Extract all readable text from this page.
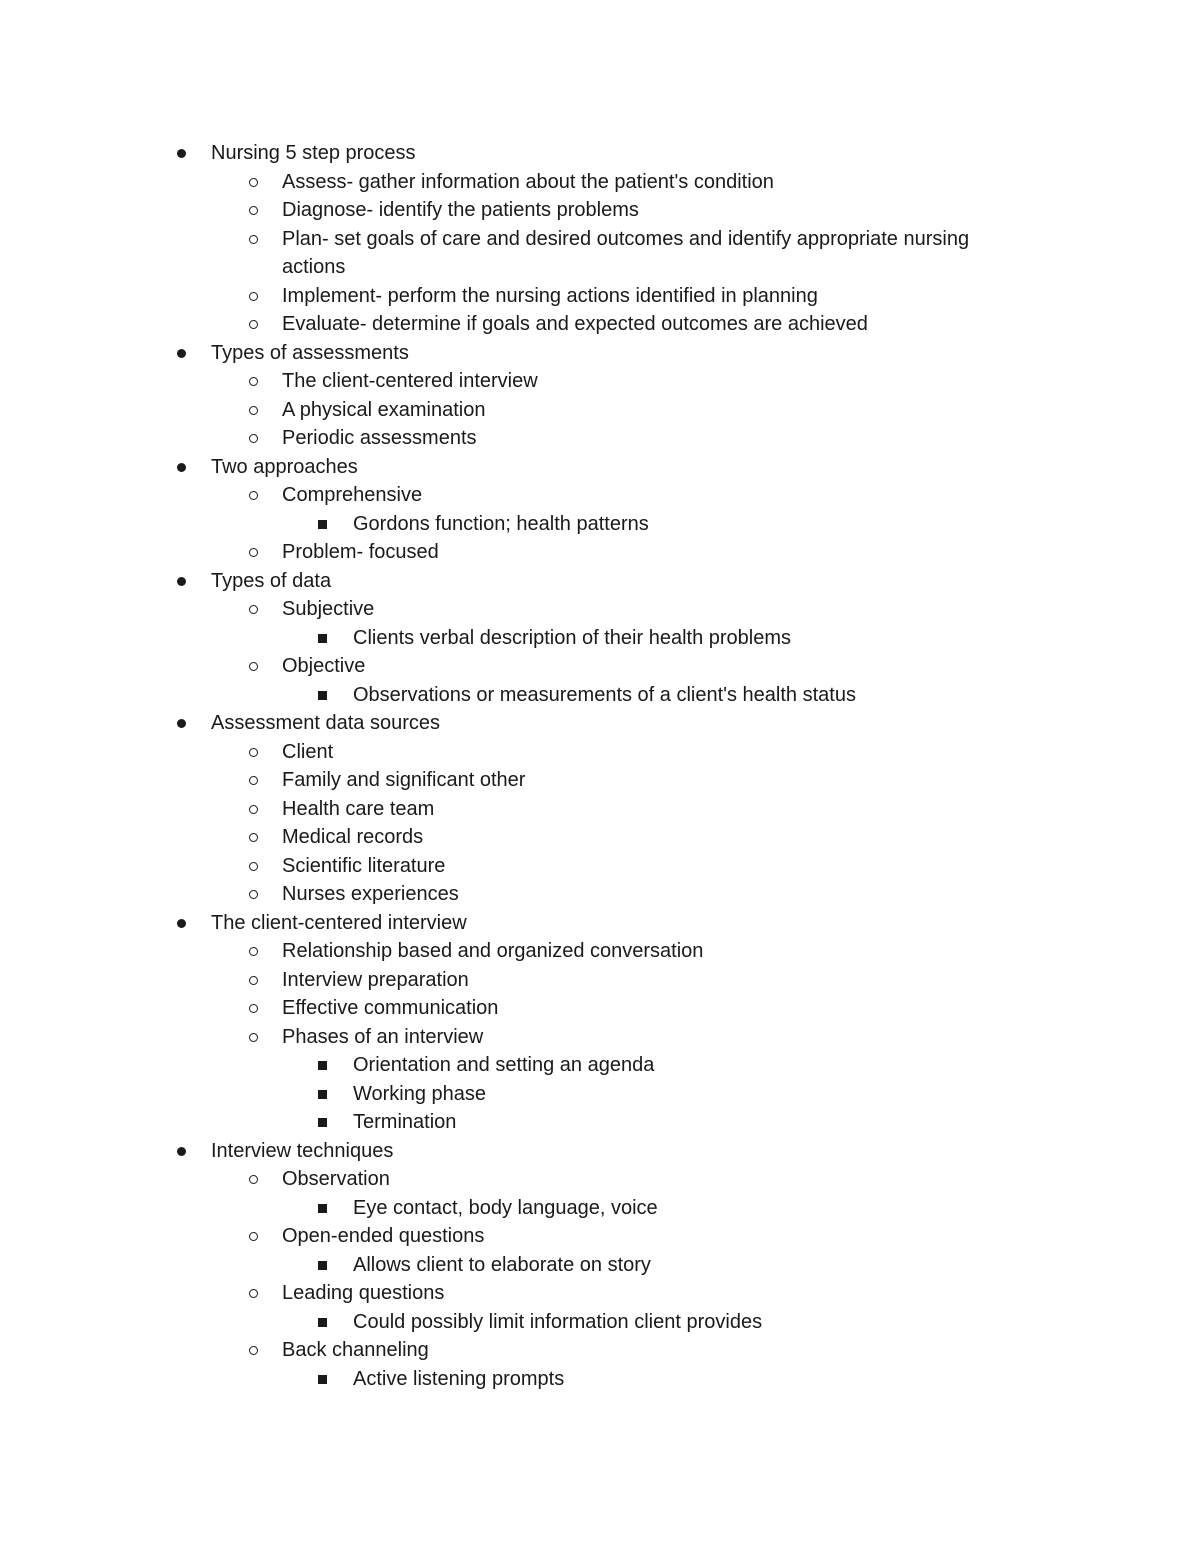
Nursing 5 step process
Assess- gather information about the patient's condition
Diagnose- identify the patients problems
Plan- set goals of care and desired outcomes and identify appropriate nursing actions
Implement- perform the nursing actions identified in planning
Evaluate- determine if goals and expected outcomes are achieved
Types of assessments
The client-centered interview
A physical examination
Periodic assessments
Two approaches
Comprehensive
Gordons function; health patterns
Problem- focused
Types of data
Subjective
Clients verbal description of their health problems
Objective
Observations or measurements of a client's health status
Assessment data sources
Client
Family and significant other
Health care team
Medical records
Scientific literature
Nurses experiences
The client-centered interview
Relationship based and organized conversation
Interview preparation
Effective communication
Phases of an interview
Orientation and setting an agenda
Working phase
Termination
Interview techniques
Observation
Eye contact, body language, voice
Open-ended questions
Allows client to elaborate on story
Leading questions
Could possibly limit information client provides
Back channeling
Active listening prompts
